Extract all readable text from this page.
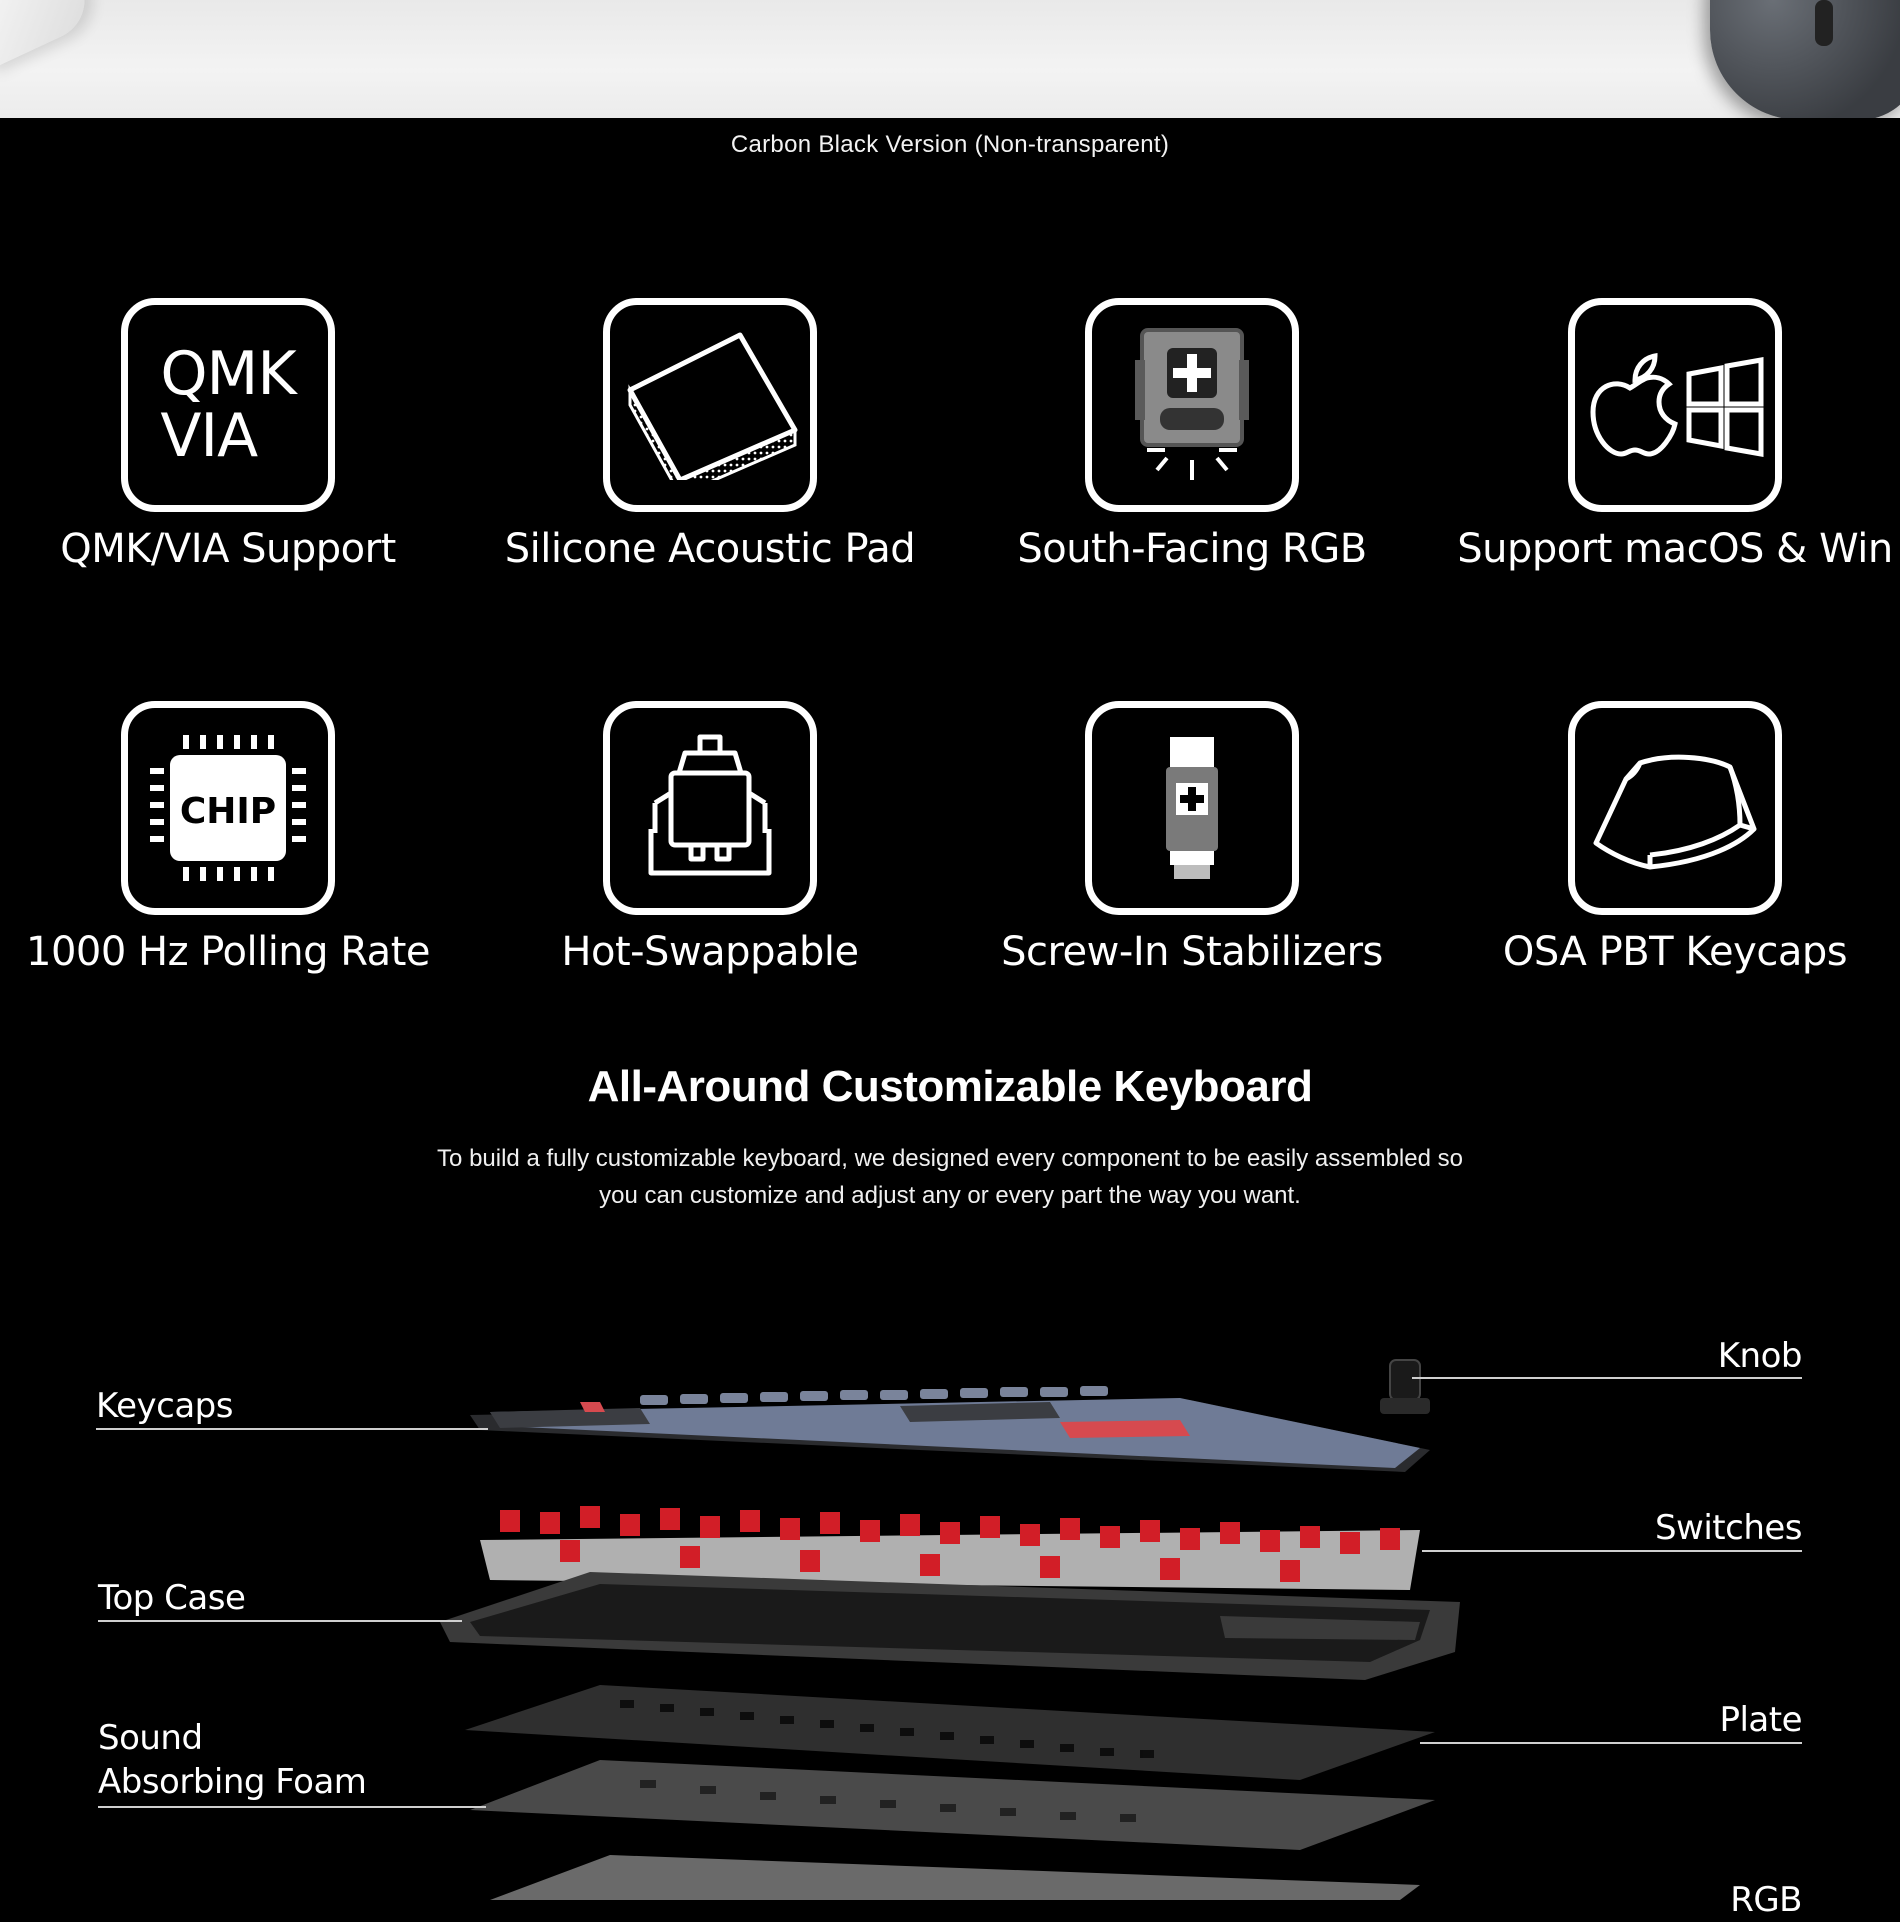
Carbon Black Version (Non-transparent)
QMK
VIA
QMK/VIA Support	Silicone Acoustic Pad	South-Facing RGB	Support macOS & Win
CHIP
1000 Hz Polling Rate	Hot-Swappable	Screw-In Stabilizers	OSA PBT Keycaps
All-Around Customizable Keyboard
To build a fully customizable keyboard, we designed every component to be easily assembled so you can customize and adjust any or every part the way you want.
Keycaps
Knob
Switches
Top Case
Plate
Sound
Absorbing Foam
RGB
